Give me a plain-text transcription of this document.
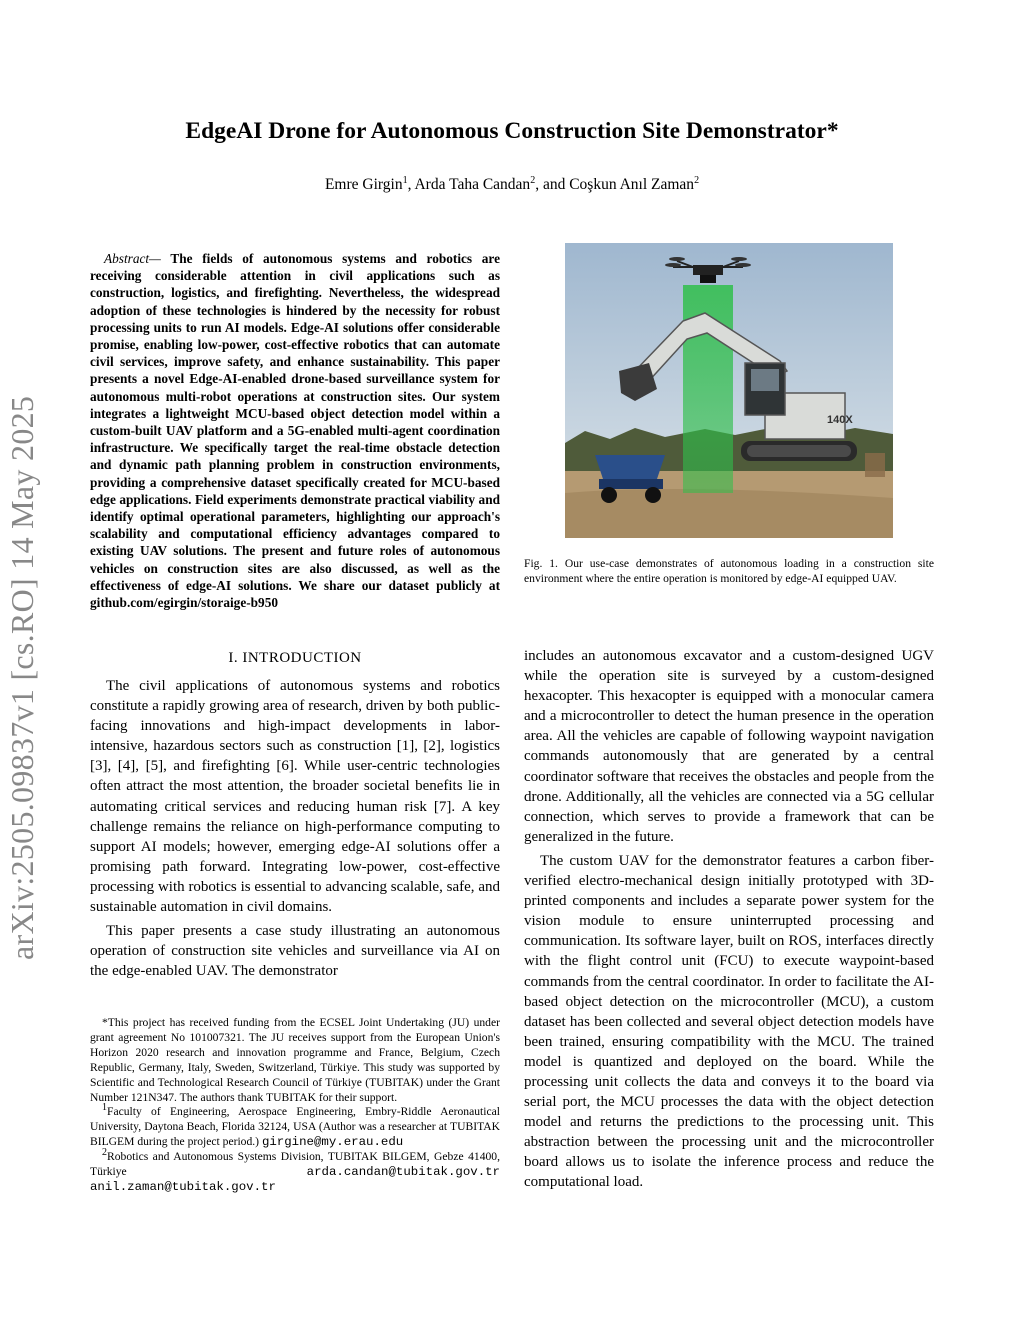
arXiv:2505.09837v1 [cs.RO] 14 May 2025
EdgeAI Drone for Autonomous Construction Site Demonstrator*
Emre Girgin$^1$, Arda Taha Candan$^2$, and Coşkun Anıl Zaman$^2$
Abstract— The fields of autonomous systems and robotics are receiving considerable attention in civil applications such as construction, logistics, and firefighting. Nevertheless, the widespread adoption of these technologies is hindered by the necessity for robust processing units to run AI models. Edge-AI solutions offer considerable promise, enabling low-power, cost-effective robotics that can automate civil services, improve safety, and enhance sustainability. This paper presents a novel Edge-AI-enabled drone-based surveillance system for autonomous multi-robot operations at construction sites. Our system integrates a lightweight MCU-based object detection model within a custom-built UAV platform and a 5G-enabled multi-agent coordination infrastructure. We specifically target the real-time obstacle detection and dynamic path planning problem in construction environments, providing a comprehensive dataset specifically created for MCU-based edge applications. Field experiments demonstrate practical viability and identify optimal operational parameters, highlighting our approach's scalability and computational efficiency advantages compared to existing UAV solutions. The present and future roles of autonomous vehicles on construction sites are also discussed, as well as the effectiveness of edge-AI solutions. We share our dataset publicly at github.com/egirgin/storaige-b950
140X
Fig. 1. Our use-case demonstrates of autonomous loading in a construction site environment where the entire operation is monitored by edge-AI equipped UAV.
I. INTRODUCTION

The civil applications of autonomous systems and robotics constitute a rapidly growing area of research, driven by both public-facing innovations and high-impact developments in labor-intensive, hazardous sectors such as construction [1], [2], logistics [3], [4], [5], and firefighting [6]. While user-centric technologies often attract the most attention, the broader societal benefits lie in automating critical services and reducing human risk [7]. A key challenge remains the reliance on high-performance computing to support AI models; however, emerging edge-AI solutions offer a promising path forward. Integrating low-power, cost-effective processing with robotics is essential to advancing scalable, safe, and sustainable automation in civil domains.

This paper presents a case study illustrating an autonomous operation of construction site vehicles and surveillance via AI on the edge-enabled UAV. The demonstrator

includes an autonomous excavator and a custom-designed UGV while the operation site is surveyed by a custom-designed hexacopter. This hexacopter is equipped with a monocular camera and a microcontroller to detect the human presence in the operation area. All the vehicles are capable of following waypoint navigation commands autonomously that are generated by a central coordinator software that receives the obstacles and people from the drone. Additionally, all the vehicles are connected via a 5G cellular connection, which serves to provide a framework that can be generalized in the future.

The custom UAV for the demonstrator features a carbon fiber-verified electro-mechanical design initially prototyped with 3D-printed components and includes a separate power system for the vision module to ensure uninterrupted processing and communication. Its software layer, built on ROS, interfaces directly with the flight control unit (FCU) to execute waypoint-based commands from the central coordinator. In order to facilitate the AI-based object detection on the microcontroller (MCU), a custom dataset has been collected and several object detection models have been trained, ensuring compatibility with the MCU. The trained model is quantized and deployed on the board. While the processing unit collects the data and conveys it to the board via serial port, the MCU processes the data with the object detection model and returns the predictions to the processing unit. This abstraction between the processing unit and the microcontroller board allows us to isolate the inference process and reduce the computational load.

*This project has received funding from the ECSEL Joint Undertaking (JU) under grant agreement No 101007321. The JU receives support from the European Union's Horizon 2020 research and innovation programme and France, Belgium, Czech Republic, Germany, Italy, Sweden, Switzerland, Türkiye. This study was supported by Scientific and Technological Research Council of Türkiye (TUBITAK) under the Grant Number 121N347. The authors thank TUBITAK for their support.

$^1$Faculty of Engineering, Aerospace Engineering, Embry-Riddle Aeronautical University, Daytona Beach, Florida 32124, USA (Author was a researcher at TUBITAK BILGEM during the project period.) girgine@my.erau.edu

$^2$Robotics and Autonomous Systems Division, TUBITAK BILGEM, Gebze 41400, Türkiye arda.candan@tubitak.gov.tr anil.zaman@tubitak.gov.tr
